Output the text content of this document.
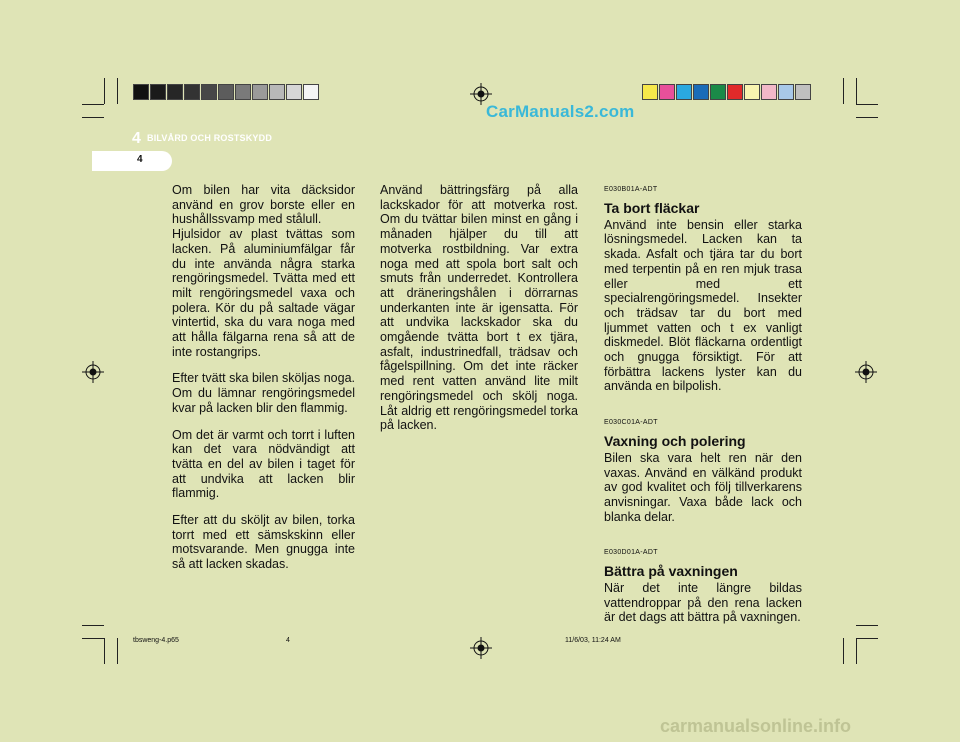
CarManuals2.com
4 BILVÅRD OCH ROSTSKYDD
4

Om bilen har vita däcksidor använd en grov borste eller en hushållssvamp med stålull.

Hjulsidor av plast tvättas som lacken. På aluminiumfälgar får du inte använda några starka rengöringsmedel. Tvätta med ett milt rengöringsmedel vaxa och polera. Kör du på saltade vägar vintertid, ska du vara noga med att hålla fälgarna rena så att de inte rostangrips.

Efter tvätt ska bilen sköljas noga. Om du lämnar rengöringsmedel kvar på lacken blir den flammig.

Om det är varmt och torrt i luften kan det vara nödvändigt att tvätta en del av bilen i taget för att undvika att lacken blir flammig.

Efter att du sköljt av bilen, torka torrt med ett sämskskinn eller motsvarande. Men gnugga inte så att lacken skadas.

Använd bättringsfärg på alla lackskador för att motverka rost. Om du tvättar bilen minst en gång i månaden hjälper du till att motverka rostbildning. Var extra noga med att spola bort salt och smuts från underredet. Kontrollera att dräneringshålen i dörrarnas underkanten inte är igensatta. För att undvika lackskador ska du omgående tvätta bort t ex tjära, asfalt, industrinedfall, trädsav och fågelspillning. Om det inte räcker med rent vatten använd lite milt rengöringsmedel och skölj noga. Låt aldrig ett rengöringsmedel torka på lacken.

E030B01A-ADT
Ta bort fläckar

Använd inte bensin eller starka lösningsmedel. Lacken kan ta skada. Asfalt och tjära tar du bort med terpentin på en ren mjuk trasa eller med ett specialrengöringsmedel. Insekter och trädsav tar du bort med ljummet vatten och t ex vanligt diskmedel. Blöt fläckarna ordentligt och gnugga försiktigt. För att förbättra lackens lyster kan du använda en bilpolish.

E030C01A-ADT
Vaxning och polering

Bilen ska vara helt ren när den vaxas. Använd en välkänd produkt av god kvalitet och följ tillverkarens anvisningar. Vaxa både lack och blanka delar.

E030D01A-ADT
Bättra på vaxningen

När det inte längre bildas vattendroppar på den rena lacken är det dags att bättra på vaxningen.

tbsweng-4.p65	4	11/6/03, 11:24 AM
carmanualsonline.info
